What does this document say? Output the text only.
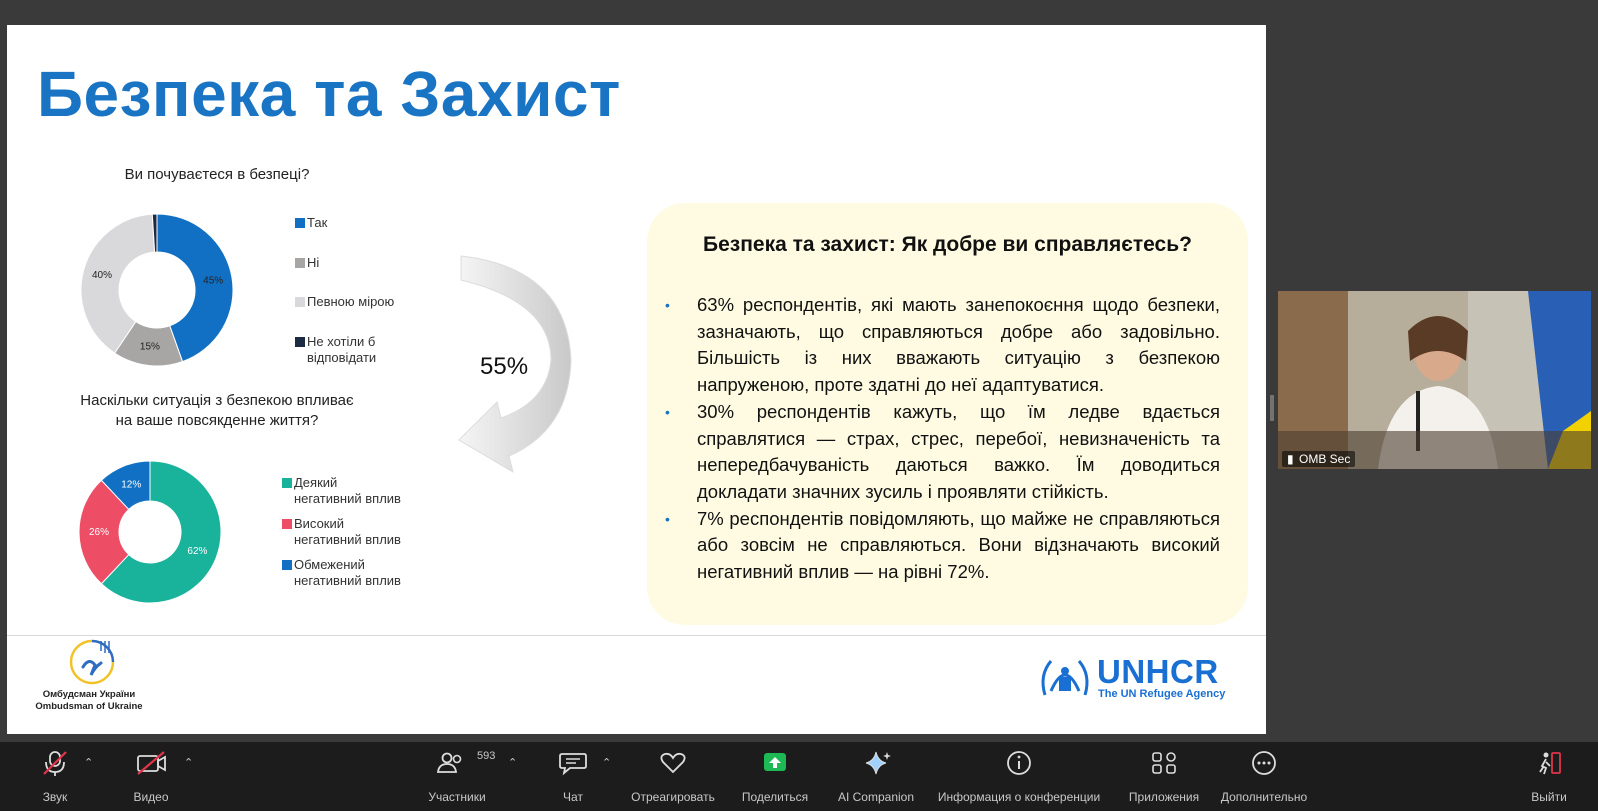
Безпека та Захист
Ви почуваєтеся в безпеці?
45%
15%
40%
Так
Ні
Певною мірою
Не хотіли б
відповідати	55%
Наскільки ситуація з безпекою впливає
на ваше повсякденне життя?
62%
26%
12%	Деякий
негативний вплив
Високий
негативний вплив
Обмежений
негативний вплив
Безпека та захист: Як добре ви справляєтесь?
• 63% респондентів, які мають занепокоєння щодо безпеки, зазначають, що справляються добре або задовільно. Більшість із них вважають ситуацію з безпекою напруженою, проте здатні до неї адаптуватися.
• 30% респондентів кажуть, що їм ледве вдається справлятися — страх, стрес, перебої, невизначеність та непередбачуваність даються важко. Їм доводиться докладати значних зусиль і проявляти стійкість.
• 7% респондентів повідомляють, що майже не справляються або зовсім не справляються. Вони відзначають високий негативний вплив — на рівні 72%.
Омбудсман України
Ombudsman of Ukraine
UNHCR
The UN Refugee Agency
▮ OMB Sec
Звук
⌃
Видео
⌃
Участники
593
⌃
Чат
⌃
Отреагировать	Поделиться	AI Companion	Информация о конференции	Приложения	Дополнительно	Выйти
